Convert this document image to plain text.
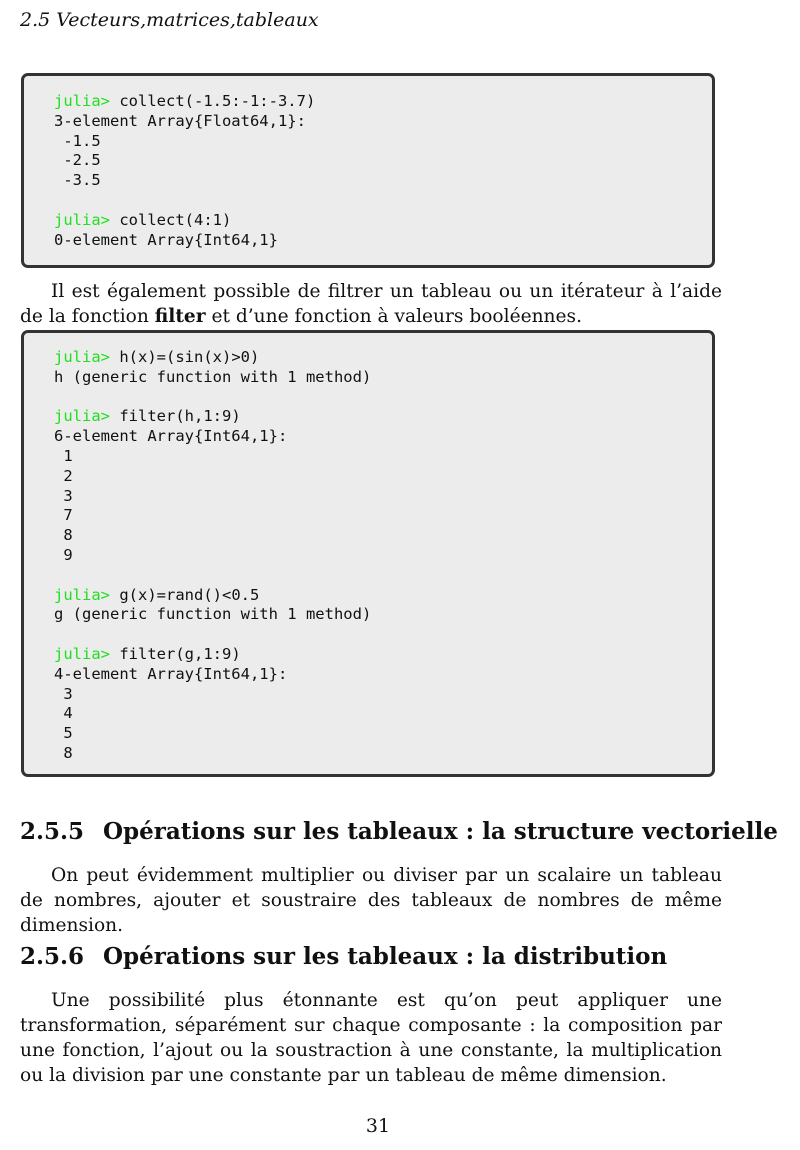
2.5 Vecteurs,matrices,tableaux
julia> collect(-1.5:-1:-3.7)
3-element Array{Float64,1}:
-1.5
-2.5
-3.5

julia> collect(4:1)
0-element Array{Int64,1}

Il est également possible de filtrer un tableau ou un itérateur à l’aide de la fonction filter et d’une fonction à valeurs booléennes.

julia> h(x)=(sin(x)>0)
h (generic function with 1 method)

julia> filter(h,1:9)
6-element Array{Int64,1}:
1
2
3
7
8
9

julia> g(x)=rand()<0.5
g (generic function with 1 method)

julia> filter(g,1:9)
4-element Array{Int64,1}:
3
4
5
8

2.5.5 Opérations sur les tableaux : la structure vectorielle

On peut évidemment multiplier ou diviser par un scalaire un tableau de nombres, ajouter et soustraire des tableaux de nombres de même dimension.

2.5.6 Opérations sur les tableaux : la distribution

Une possibilité plus étonnante est qu’on peut appliquer une transformation, séparément sur chaque composante : la composition par une fonction, l’ajout ou la soustraction à une constante, la multiplication ou la division par une constante par un tableau de même dimension.

31
